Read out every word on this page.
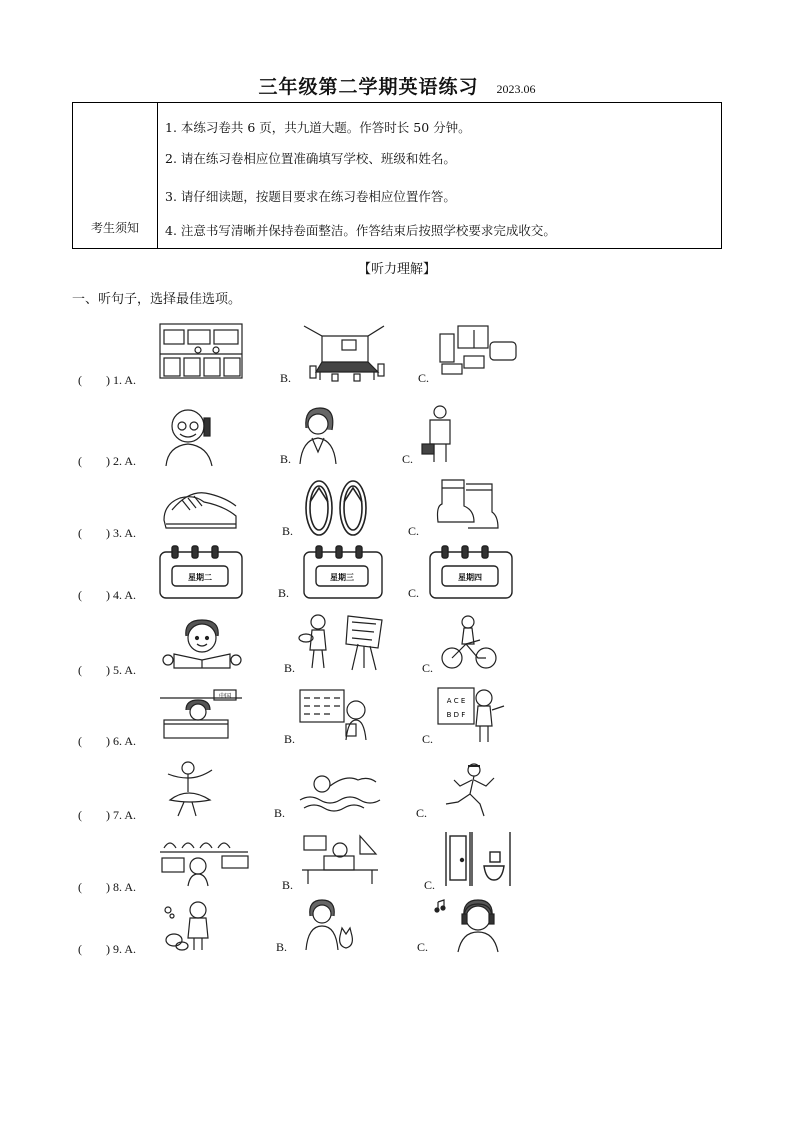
三年级第二学期英语练习 2023.06
考生须知	
1. 本练习卷共 6 页，共九道大题。作答时长 50 分钟。
2. 请在练习卷相应位置准确填写学校、班级和姓名。
3. 请仔细读题，按题目要求在练习卷相应位置作答。
4. 注意书写清晰并保持卷面整洁。作答结束后按照学校要求完成收交。
【听力理解】
一、听句子，选择最佳选项。
(　　) 1. A.	B.	C.
(　　) 2. A.	B.	C.
(　　) 3. A.	B.	C.
(　　) 4. A.	B.	C.
(　　) 5. A.	B.	C.
(　　) 6. A.	B.	C.
(　　) 7. A.	B.	C.
(　　) 8. A.	B.	C.
(　　) 9. A.	B.	C.
星期二	星期三	星期四
中国
A C E
B D F
